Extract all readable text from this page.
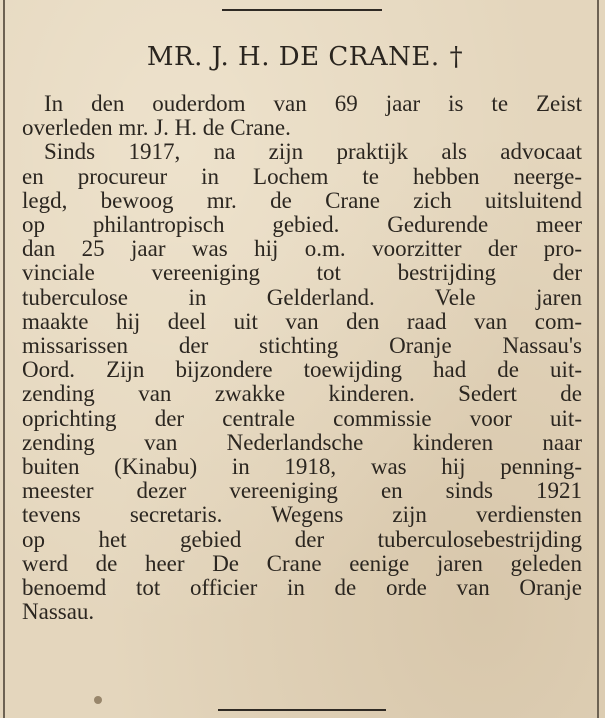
MR. J. H. DE CRANE. †
In den ouderdom van 69 jaar is te Zeist
overleden mr. J. H. de Crane.
Sinds 1917, na zijn praktijk als advocaat
en procureur in Lochem te hebben neerge-
legd, bewoog mr. de Crane zich uitsluitend
op philantropisch gebied. Gedurende meer
dan 25 jaar was hij o.m. voorzitter der pro-
vinciale vereeniging tot bestrijding der
tuberculose in Gelderland. Vele jaren
maakte hij deel uit van den raad van com-
missarissen der stichting Oranje Nassau's
Oord. Zijn bijzondere toewijding had de uit-
zending van zwakke kinderen. Sedert de
oprichting der centrale commissie voor uit-
zending van Nederlandsche kinderen naar
buiten (Kinabu) in 1918, was hij penning-
meester dezer vereeniging en sinds 1921
tevens secretaris. Wegens zijn verdiensten
op het gebied der tuberculosebestrijding
werd de heer De Crane eenige jaren geleden
benoemd tot officier in de orde van Oranje
Nassau.
